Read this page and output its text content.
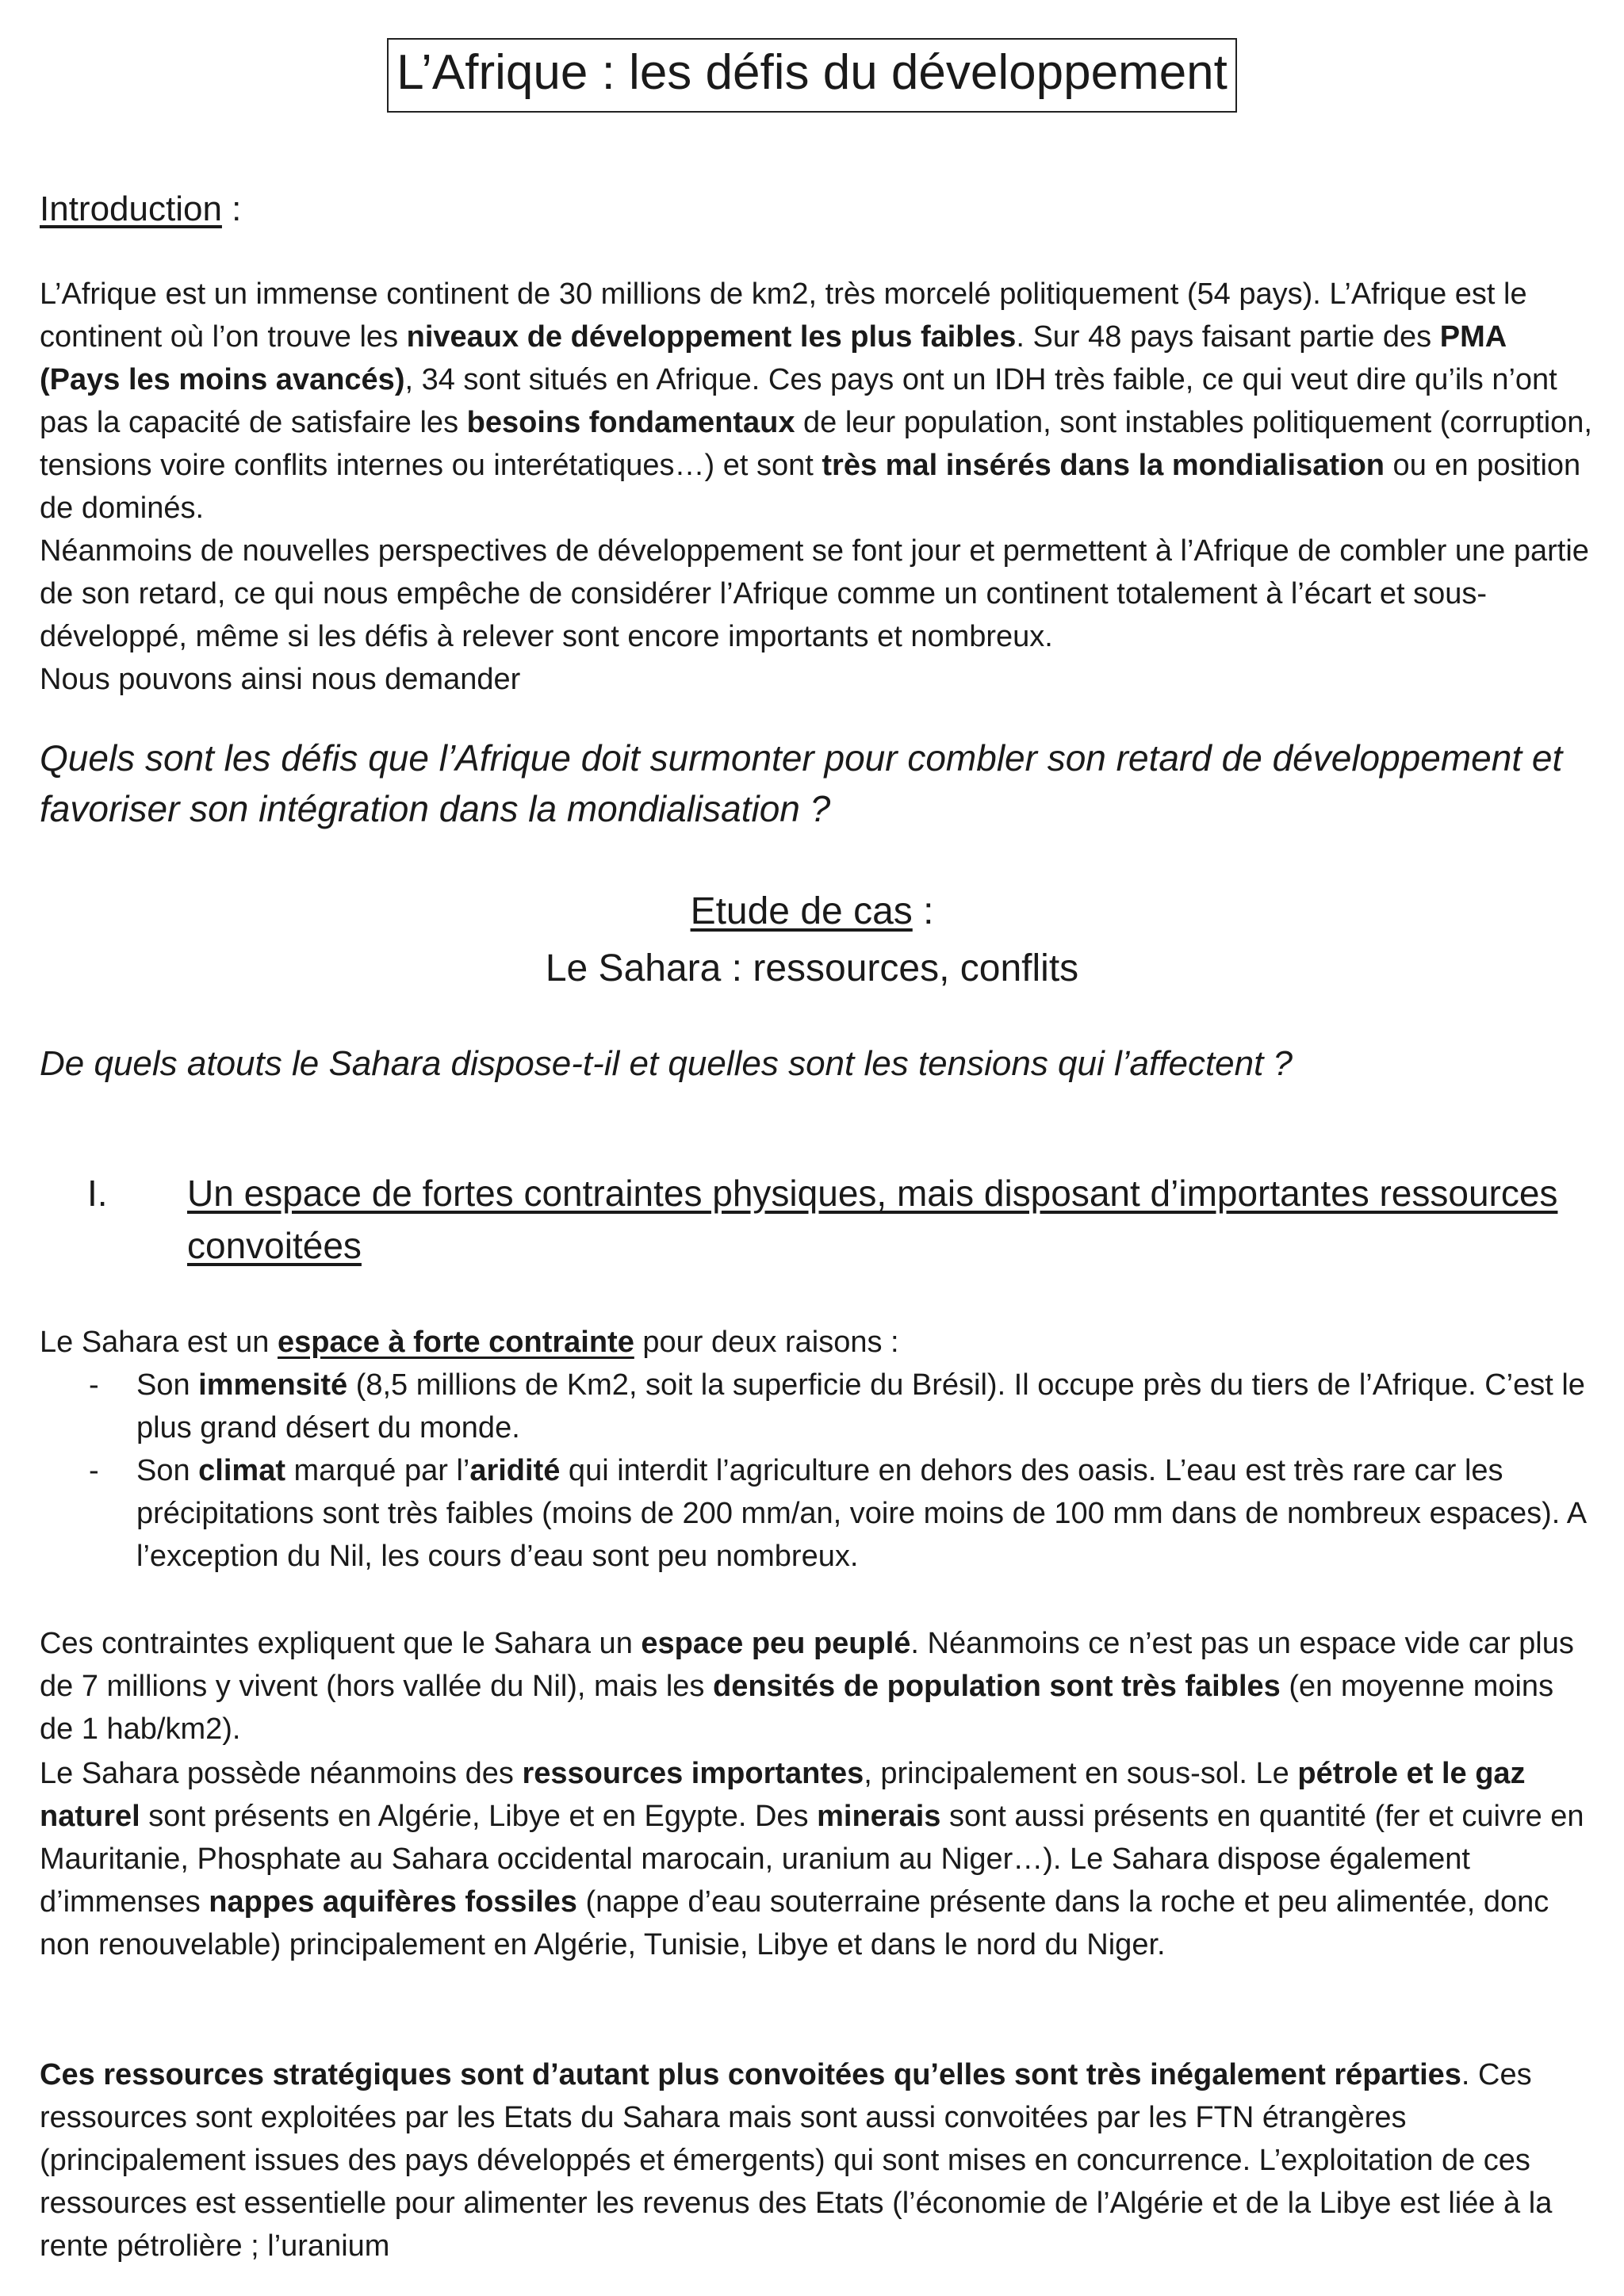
L’Afrique : les défis du développement
Introduction :

L’Afrique est un immense continent de 30 millions de km2, très morcelé politiquement (54 pays). L’Afrique est le continent où l’on trouve les niveaux de développement les plus faibles. Sur 48 pays faisant partie des PMA (Pays les moins avancés), 34 sont situés en Afrique. Ces pays ont un IDH très faible, ce qui veut dire qu’ils n’ont pas la capacité de satisfaire les besoins fondamentaux de leur population, sont instables politiquement (corruption, tensions voire conflits internes ou interétatiques…) et sont très mal insérés dans la mondialisation ou en position de dominés.

Néanmoins de nouvelles perspectives de développement se font jour et permettent à l’Afrique de combler une partie de son retard, ce qui nous empêche de considérer l’Afrique comme un continent totalement à l’écart et sous-développé, même si les défis à relever sont encore importants et nombreux.

Nous pouvons ainsi nous demander

Quels sont les défis que l’Afrique doit surmonter pour combler son retard de développement et favoriser son intégration dans la mondialisation ?
Etude de cas :
Le Sahara : ressources, conflits
De quels atouts le Sahara dispose-t-il et quelles sont les tensions qui l’affectent ?
I. Un espace de fortes contraintes physiques, mais disposant d’importantes ressources convoitées

Le Sahara est un espace à forte contrainte pour deux raisons :

- Son immensité (8,5 millions de Km2, soit la superficie du Brésil). Il occupe près du tiers de l’Afrique. C’est le plus grand désert du monde.
- Son climat marqué par l’aridité qui interdit l’agriculture en dehors des oasis. L’eau est très rare car les précipitations sont très faibles (moins de 200 mm/an, voire moins de 100 mm dans de nombreux espaces). A l’exception du Nil, les cours d’eau sont peu nombreux.

Ces contraintes expliquent que le Sahara un espace peu peuplé. Néanmoins ce n’est pas un espace vide car plus de 7 millions y vivent (hors vallée du Nil), mais les densités de population sont très faibles (en moyenne moins de 1 hab/km2).

Le Sahara possède néanmoins des ressources importantes, principalement en sous-sol. Le pétrole et le gaz naturel sont présents en Algérie, Libye et en Egypte. Des minerais sont aussi présents en quantité (fer et cuivre en Mauritanie, Phosphate au Sahara occidental marocain, uranium au Niger…). Le Sahara dispose également d’immenses nappes aquifères fossiles (nappe d’eau souterraine présente dans la roche et peu alimentée, donc non renouvelable) principalement en Algérie, Tunisie, Libye et dans le nord du Niger.

Ces ressources stratégiques sont d’autant plus convoitées qu’elles sont très inégalement réparties. Ces ressources sont exploitées par les Etats du Sahara mais sont aussi convoitées par les FTN étrangères (principalement issues des pays développés et émergents) qui sont mises en concurrence. L’exploitation de ces ressources est essentielle pour alimenter les revenus des Etats (l’économie de l’Algérie et de la Libye est liée à la rente pétrolière ; l’uranium
